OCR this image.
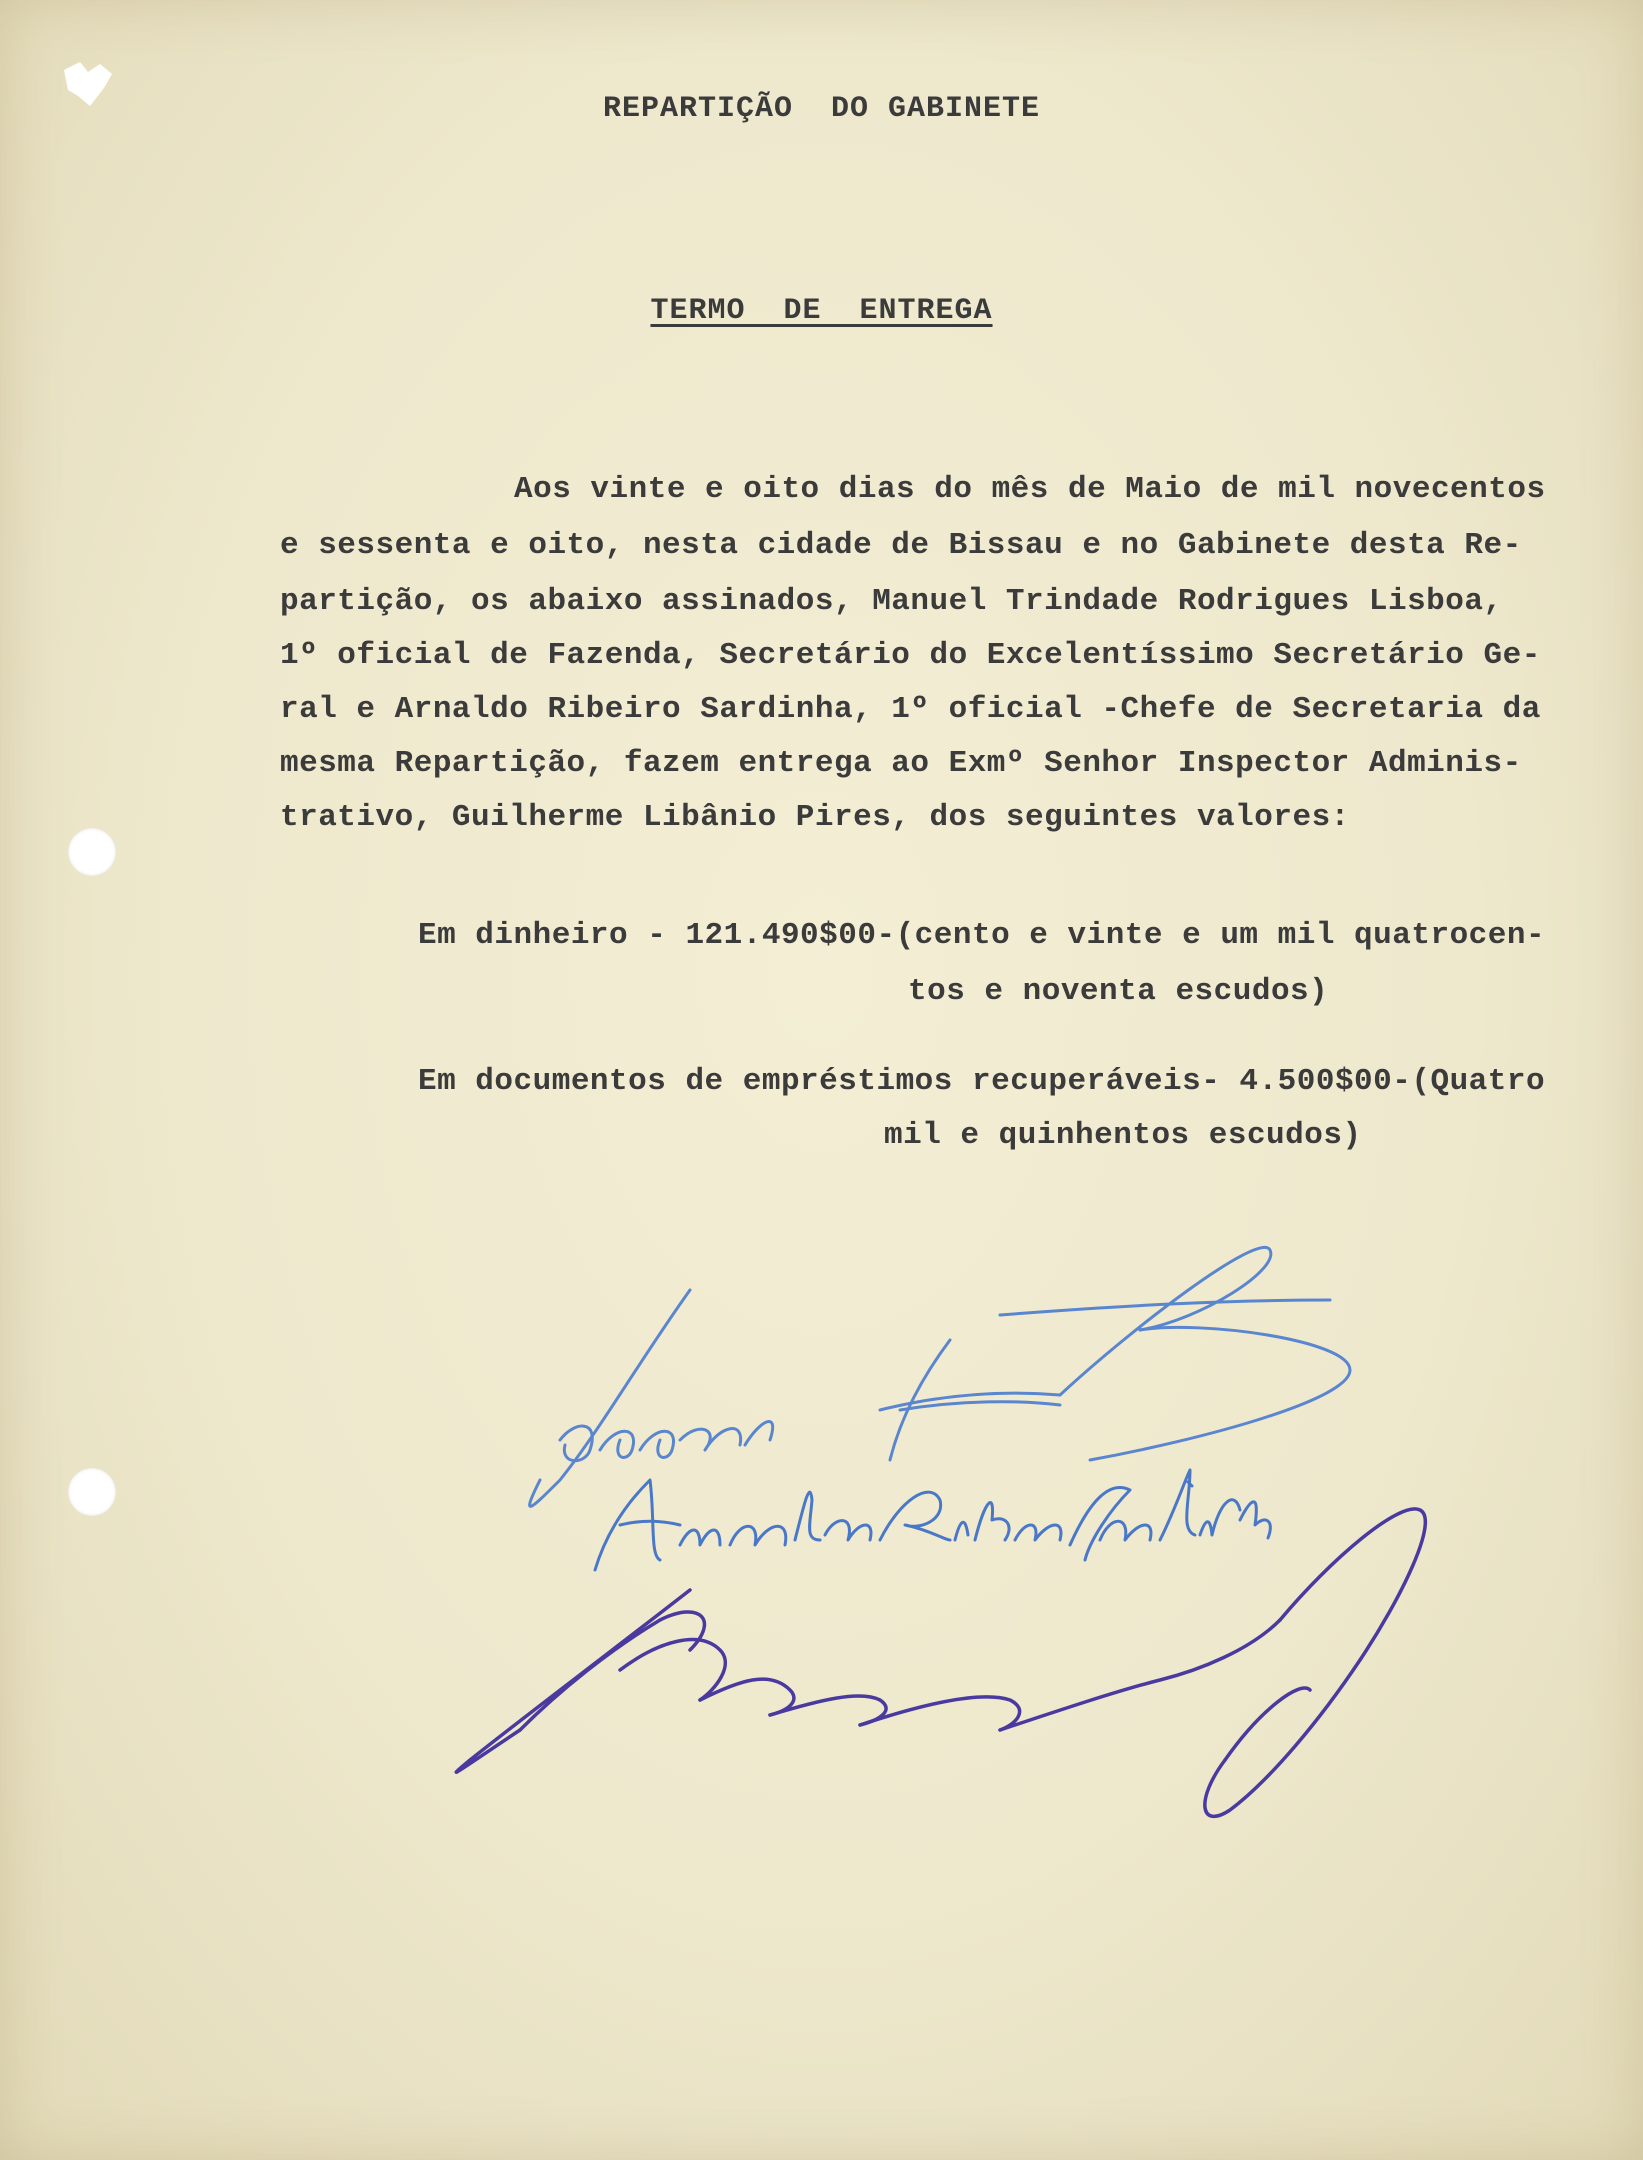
REPARTIÇÃO  DO GABINETE
TERMO  DE  ENTREGA
Aos vinte e oito dias do mês de Maio de mil novecentos
e sessenta e oito, nesta cidade de Bissau e no Gabinete desta Re-
partição, os abaixo assinados, Manuel Trindade Rodrigues Lisboa,
1º oficial de Fazenda, Secretário do Excelentíssimo Secretário Ge-
ral e Arnaldo Ribeiro Sardinha, 1º oficial -Chefe de Secretaria da
mesma Repartição, fazem entrega ao Exmº Senhor Inspector Adminis-
trativo, Guilherme Libânio Pires, dos seguintes valores:
Em dinheiro - 121.490$00-(cento e vinte e um mil quatrocen-
tos e noventa escudos)
Em documentos de empréstimos recuperáveis- 4.500$00-(Quatro
mil e quinhentos escudos)
